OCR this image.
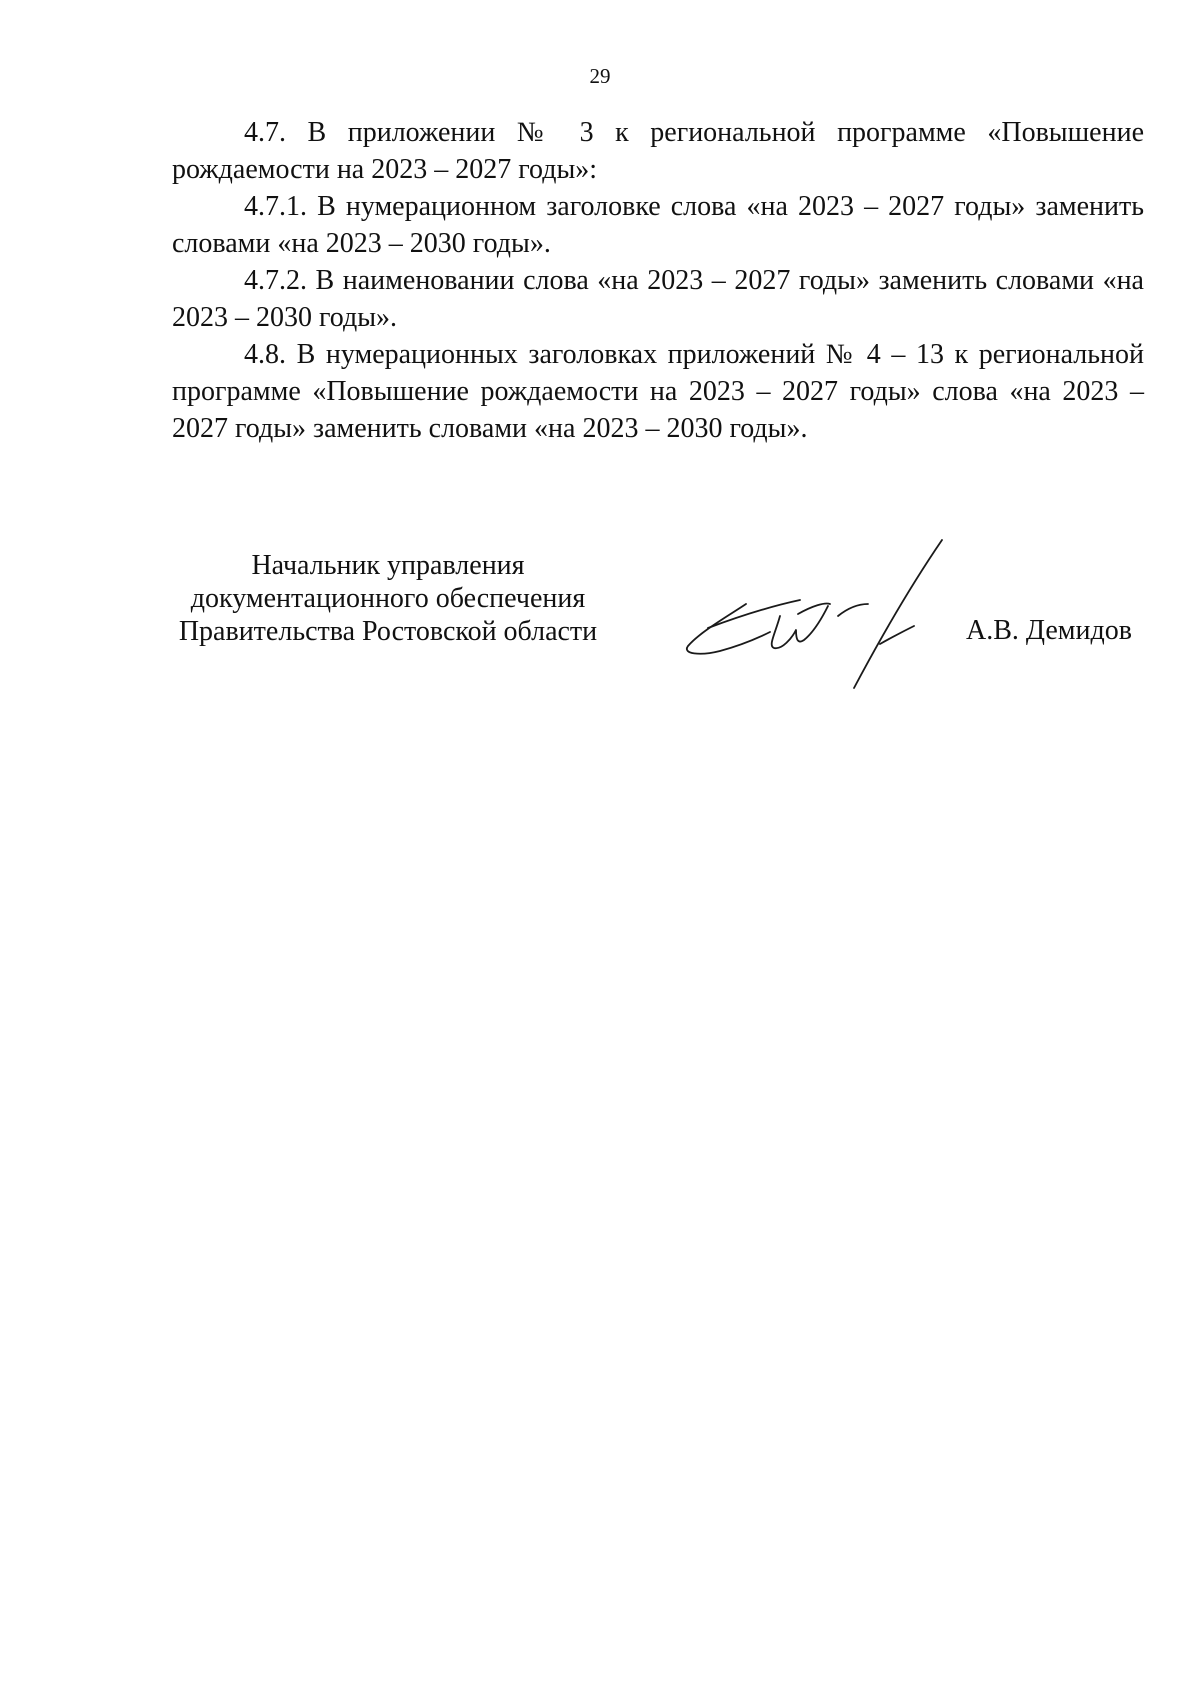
29

4.7. В приложении № 3 к региональной программе «Повышение рождаемости на 2023 – 2027 годы»:

4.7.1. В нумерационном заголовке слова «на 2023 – 2027 годы» заменить словами «на 2023 – 2030 годы».

4.7.2. В наименовании слова «на 2023 – 2027 годы» заменить словами «на 2023 – 2030 годы».

4.8. В нумерационных заголовках приложений № 4 – 13 к региональной программе «Повышение рождаемости на 2023 – 2027 годы» слова «на 2023 – 2027 годы» заменить словами «на 2023 – 2030 годы».

Начальник управления
документационного обеспечения
Правительства Ростовской области	А.В. Демидов
